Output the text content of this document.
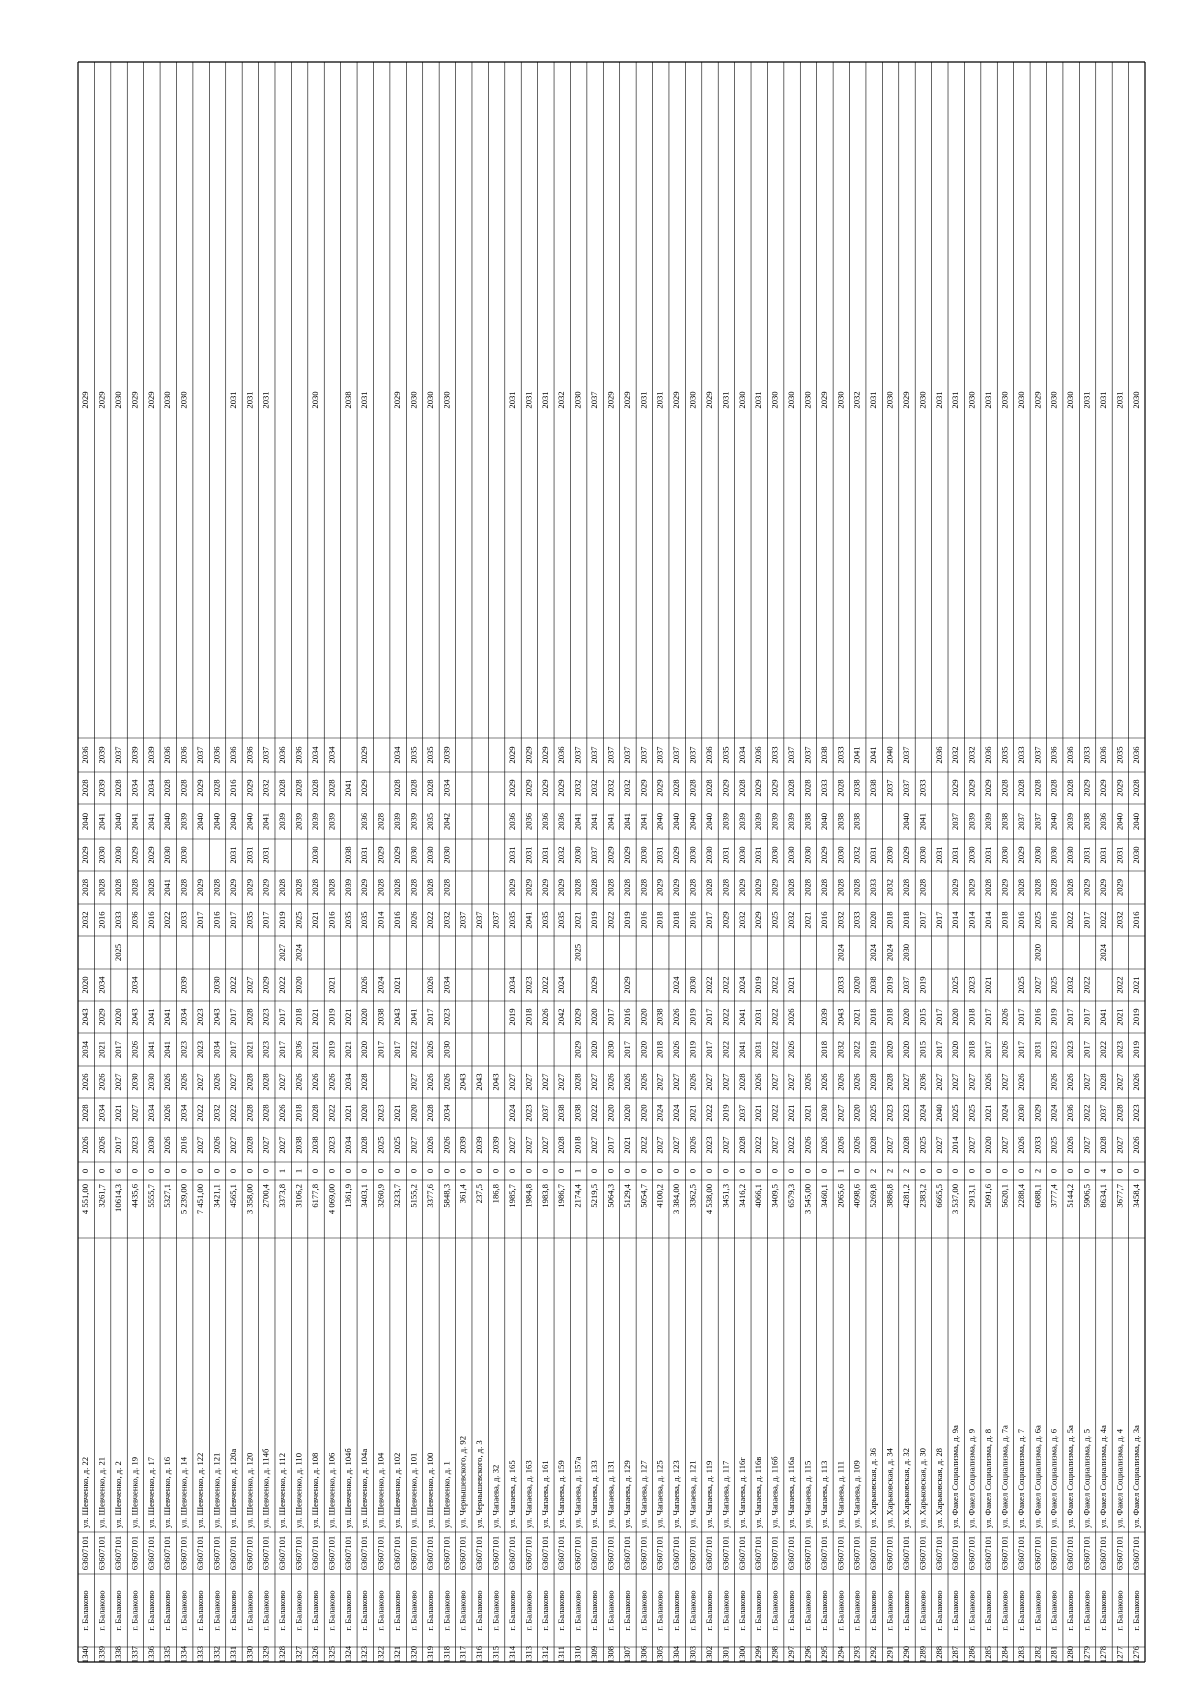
1276
г. Балаково
63607101
ул. Факел Социализма, д. 3а
3458,4
0
2026
2023
2026
2019
2019
2021
2016
2030
2040
2028
2036
2030
1277
г. Балаково
63607101
ул. Факел Социализма, д. 4
3677,7
0
2027
2028
2027
2023
2021
2022
2032
2029
2031
2040
2029
2035
2031
1278
г. Балаково
63607101
ул. Факел Социализма, д. 4а
8634,1
4
2028
2037
2028
2022
2041
2024
2022
2029
2031
2036
2029
2036
2031
1279
г. Балаково
63607101
ул. Факел Социализма, д. 5
5906,5
0
2027
2022
2027
2017
2017
2022
2017
2029
2031
2038
2029
2033
2031
1280
г. Балаково
63607101
ул. Факел Социализма, д. 5а
5144,2
0
2026
2036
2026
2023
2017
2032
2022
2028
2030
2039
2028
2036
2030
1281
г. Балаково
63607101
ул. Факел Социализма, д. 6
3777,4
0
2025
2024
2026
2023
2019
2025
2016
2028
2030
2040
2028
2036
2030
1282
г. Балаково
63607101
ул. Факел Социализма, д. 6а
6088,1
2
2033
2029
2031
2016
2027
2020
2025
2028
2030
2037
2028
2037
2029
1283
г. Балаково
63607101
ул. Факел Социализма, д. 7
2288,4
0
2026
2030
2026
2017
2017
2025
2016
2028
2029
2037
2028
2033
2030
1284
г. Балаково
63607101
ул. Факел Социализма, д. 7а
5620,1
0
2027
2024
2027
2026
2026
2018
2029
2030
2038
2028
2035
2030
1285
г. Балаково
63607101
ул. Факел Социализма, д. 8
5091,6
0
2020
2021
2026
2017
2017
2021
2014
2028
2031
2039
2029
2036
2031
1286
г. Балаково
63607101
ул. Факел Социализма, д. 9
2913,1
0
2027
2025
2027
2018
2018
2023
2014
2029
2030
2039
2029
2032
2030
1287
г. Балаково
63607101
ул. Факел Социализма, д. 9а
3 537,00
0
2014
2025
2027
2020
2020
2025
2014
2029
2031
2037
2029
2032
2031
1288
г. Балаково
63607101
ул. Харьковская, д. 28
6665,5
0
2027
2040
2027
2017
2017
2017
2031
2036
2031
1289
г. Балаково
63607101
ул. Харьковская, д. 30
2383,2
0
2025
2024
2036
2015
2015
2019
2017
2028
2030
2041
2033
2030
1290
г. Балаково
63607101
ул. Харьковская, д. 32
4281,2
2
2028
2023
2027
2020
2020
2037
2030
2018
2028
2029
2040
2037
2037
2029
1291
г. Балаково
63607101
ул. Харьковская, д. 34
3886,8
2
2027
2023
2028
2020
2018
2019
2024
2018
2032
2030
2037
2040
2030
1292
г. Балаково
63607101
ул. Харьковская, д. 36
5269,8
2
2028
2025
2028
2019
2018
2038
2024
2020
2033
2031
2038
2041
2031
1293
г. Балаково
63607101
ул. Чапаева, д. 109
4098,6
0
2026
2020
2026
2022
2021
2020
2033
2028
2032
2038
2038
2041
2032
1294
г. Балаково
63607101
ул. Чапаева, д. 111
2065,6
1
2026
2027
2026
2032
2043
2033
2024
2032
2028
2030
2038
2028
2033
2030
1295
г. Балаково
63607101
ул. Чапаева, д. 113
3460,1
0
2026
2030
2026
2018
2039
2016
2028
2029
2040
2033
2038
2029
1296
г. Балаково
63607101
ул. Чапаева, д. 115
3 545,00
0
2026
2021
2026
2021
2028
2030
2038
2028
2037
2030
1297
г. Балаково
63607101
ул. Чапаева, д. 116а
6579,3
0
2022
2021
2027
2026
2026
2021
2032
2028
2030
2039
2028
2037
2030
1298
г. Балаково
63607101
ул. Чапаева, д. 116б
3409,5
0
2027
2022
2027
2022
2022
2022
2025
2029
2030
2039
2029
2033
2030
1299
г. Балаково
63607101
ул. Чапаева, д. 116в
4066,1
0
2022
2021
2026
2031
2031
2019
2029
2029
2031
2039
2029
2036
2031
1300
г. Балаково
63607101
ул. Чапаева, д. 116г
3416,2
0
2028
2037
2028
2041
2041
2024
2032
2029
2030
2039
2028
2034
2030
1301
г. Балаково
63607101
ул. Чапаева, д. 117
3451,3
0
2027
2019
2027
2022
2022
2022
2029
2028
2031
2039
2029
2035
2031
1302
г. Балаково
63607101
ул. Чапаева, д. 119
4 538,00
0
2023
2022
2027
2017
2017
2022
2017
2028
2030
2040
2028
2036
2029
1303
г. Балаково
63607101
ул. Чапаева, д. 121
3362,5
0
2026
2021
2026
2019
2019
2030
2016
2028
2030
2040
2028
2037
2030
1304
г. Балаково
63607101
ул. Чапаева, д. 123
3 384,00
0
2027
2024
2027
2026
2026
2024
2018
2029
2029
2040
2028
2037
2029
1305
г. Балаково
63607101
ул. Чапаева, д. 125
4100,2
0
2027
2024
2027
2018
2038
2018
2029
2031
2040
2029
2037
2031
1306
г. Балаково
63607101
ул. Чапаева, д. 127
5054,7
0
2022
2020
2026
2020
2020
2016
2028
2030
2041
2029
2037
2031
1307
г. Балаково
63607101
ул. Чапаева, д. 129
5129,4
0
2021
2020
2026
2017
2016
2029
2019
2028
2029
2041
2032
2037
2029
1308
г. Балаково
63607101
ул. Чапаева, д. 131
5064,3
0
2017
2020
2026
2030
2017
2022
2028
2029
2041
2032
2037
2029
1309
г. Балаково
63607101
ул. Чапаева, д. 133
5219,5
0
2027
2022
2027
2020
2020
2029
2019
2028
2037
2041
2032
2037
2037
1310
г. Балаково
63607101
ул. Чапаева, д. 157а
2174,4
1
2018
2038
2028
2029
2029
2025
2021
2028
2030
2041
2032
2037
2030
1311
г. Балаково
63607101
ул. Чапаева, д. 159
1986,7
0
2028
2038
2027
2042
2024
2035
2029
2032
2036
2029
2036
2032
1312
г. Балаково
63607101
ул. Чапаева, д. 161
1983,8
0
2027
2037
2027
2026
2022
2035
2029
2031
2036
2029
2029
2031
1313
г. Балаково
63607101
ул. Чапаева, д. 163
1984,8
0
2027
2023
2027
2018
2023
2041
2029
2031
2036
2029
2029
2031
1314
г. Балаково
63607101
ул. Чапаева, д. 165
1985,7
0
2027
2024
2027
2019
2034
2035
2029
2031
2036
2029
2029
2031
1315
г. Балаково
63607101
ул. Чапаева, д. 32
186,8
0
2039
2043
2037
1316
г. Балаково
63607101
ул. Чернышевского, д. 3
237,5
0
2039
2043
2037
1317
г. Балаково
63607101
ул. Чернышевского, д. 92
361,4
0
2039
2043
2037
1318
г. Балаково
63607101
ул. Шевченко, д. 1
5848,3
0
2026
2034
2026
2030
2023
2034
2032
2028
2030
2042
2034
2039
2030
1319
г. Балаково
63607101
ул. Шевченко, д. 100
3377,6
0
2026
2028
2026
2026
2017
2026
2022
2028
2030
2035
2028
2035
2030
1320
г. Балаково
63607101
ул. Шевченко, д. 101
5155,2
0
2027
2020
2027
2022
2041
2026
2028
2030
2039
2028
2035
2030
1321
г. Балаково
63607101
ул. Шевченко, д. 102
3233,7
0
2025
2021
2017
2043
2021
2016
2028
2029
2039
2028
2034
2029
1322
г. Балаково
63607101
ул. Шевченко, д. 104
3260,9
0
2025
2023
2017
2038
2024
2014
2028
2029
2028
1323
г. Балаково
63607101
ул. Шевченко, д. 104а
3403,1
0
2028
2020
2028
2020
2020
2026
2035
2029
2031
2036
2029
2029
2031
1324
г. Балаково
63607101
ул. Шевченко, д. 104б
1361,9
0
2034
2021
2034
2021
2021
2035
2039
2038
2041
2038
1325
г. Балаково
63607101
ул. Шевченко, д. 106
4 069,00
0
2023
2022
2026
2019
2019
2021
2016
2028
2039
2028
2034
1326
г. Балаково
63607101
ул. Шевченко, д. 108
6177,8
0
2038
2028
2026
2021
2021
2021
2028
2030
2039
2028
2034
2030
1327
г. Балаково
63607101
ул. Шевченко, д. 110
3106,2
1
2038
2018
2026
2036
2018
2020
2024
2025
2028
2039
2028
2036
1328
г. Балаково
63607101
ул. Шевченко, д. 112
3373,8
1
2027
2026
2027
2017
2017
2022
2027
2019
2028
2039
2028
2036
1329
г. Балаково
63607101
ул. Шевченко, д. 114б
2700,4
0
2027
2028
2028
2023
2023
2029
2017
2029
2031
2041
2032
2037
2031
1330
г. Балаково
63607101
ул. Шевченко, д. 120
3 358,00
0
2028
2028
2028
2021
2028
2027
2035
2029
2031
2040
2029
2036
2031
1331
г. Балаково
63607101
ул. Шевченко, д. 120а
4565,1
0
2027
2022
2027
2017
2017
2022
2017
2029
2031
2040
2016
2036
2031
1332
г. Балаково
63607101
ул. Шевченко, д. 121
3421,1
0
2026
2032
2026
2034
2043
2030
2016
2028
2040
2028
2036
1333
г. Балаково
63607101
ул. Шевченко, д. 122
7 451,00
0
2027
2022
2027
2023
2023
2017
2029
2040
2029
2037
1334
г. Балаково
63607101
ул. Шевченко, д. 14
5 239,00
0
2016
2034
2026
2023
2034
2039
2033
2028
2030
2039
2028
2036
2030
1335
г. Балаково
63607101
ул. Шевченко, д. 16
5327,1
0
2026
2026
2026
2041
2041
2022
2041
2030
2040
2028
2036
2030
1336
г. Балаково
63607101
ул. Шевченко, д. 17
5555,7
0
2030
2034
2030
2041
2041
2016
2028
2029
2041
2034
2039
2029
1337
г. Балаково
63607101
ул. Шевченко, д. 19
4435,6
0
2023
2027
2030
2026
2043
2034
2036
2028
2029
2041
2034
2039
2029
1338
г. Балаково
63607101
ул. Шевченко, д. 2
10614,3
6
2017
2021
2027
2017
2020
2025
2033
2028
2030
2040
2028
2037
2030
1339
г. Балаково
63607101
ул. Шевченко, д. 21
3261,7
0
2026
2034
2026
2021
2029
2034
2016
2028
2030
2041
2039
2039
2029
1340
г. Балаково
63607101
ул. Шевченко, д. 22
4 551,00
0
2026
2028
2026
2034
2043
2020
2032
2028
2029
2040
2028
2036
2029
